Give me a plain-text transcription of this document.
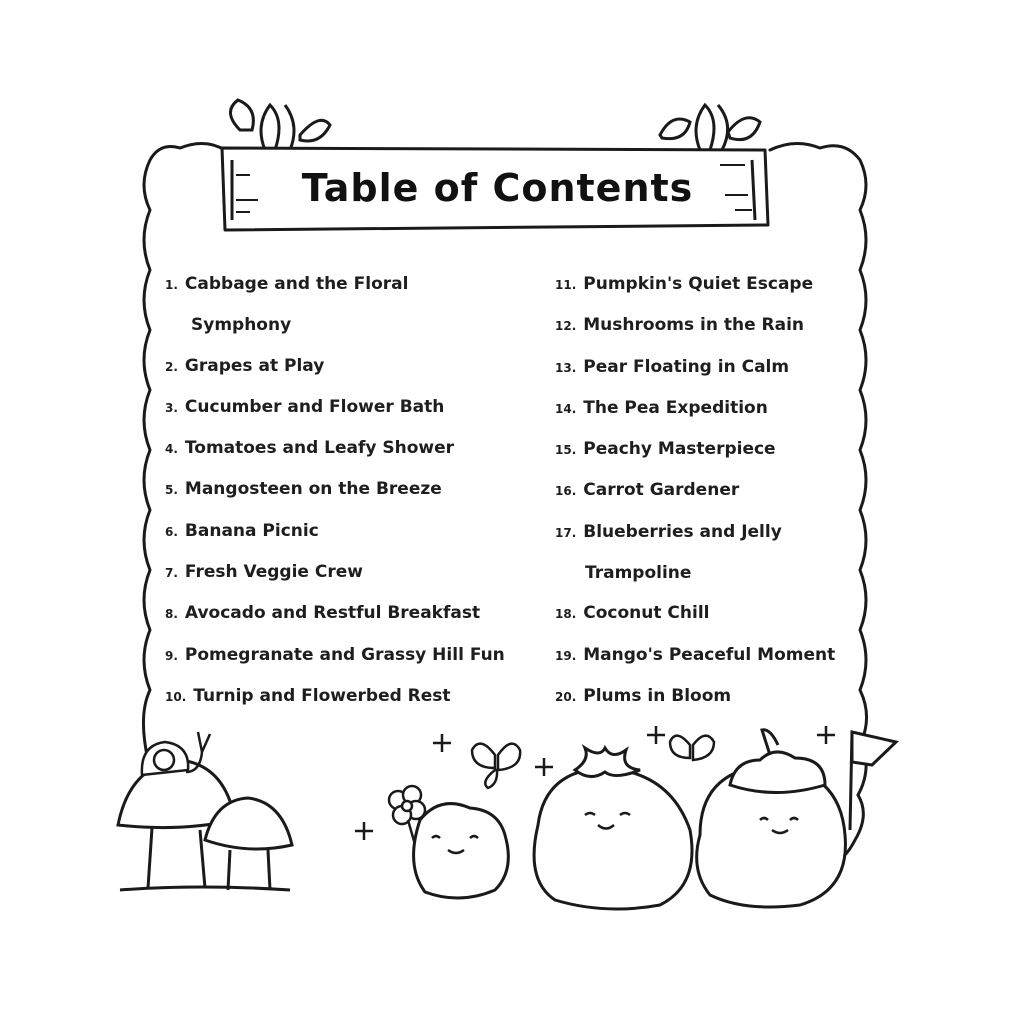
Table of Contents
1. Cabbage and the Floral
Symphony
2. Grapes at Play
3. Cucumber and Flower Bath
4. Tomatoes and Leafy Shower
5. Mangosteen on the Breeze
6. Banana Picnic
7. Fresh Veggie Crew
8. Avocado and Restful Breakfast
9. Pomegranate and Grassy Hill Fun
10. Turnip and Flowerbed Rest
11. Pumpkin's Quiet Escape
12. Mushrooms in the Rain
13. Pear Floating in Calm
14. The Pea Expedition
15. Peachy Masterpiece
16. Carrot Gardener
17. Blueberries and Jelly
Trampoline
18. Coconut Chill
19. Mango's Peaceful Moment
20. Plums in Bloom
